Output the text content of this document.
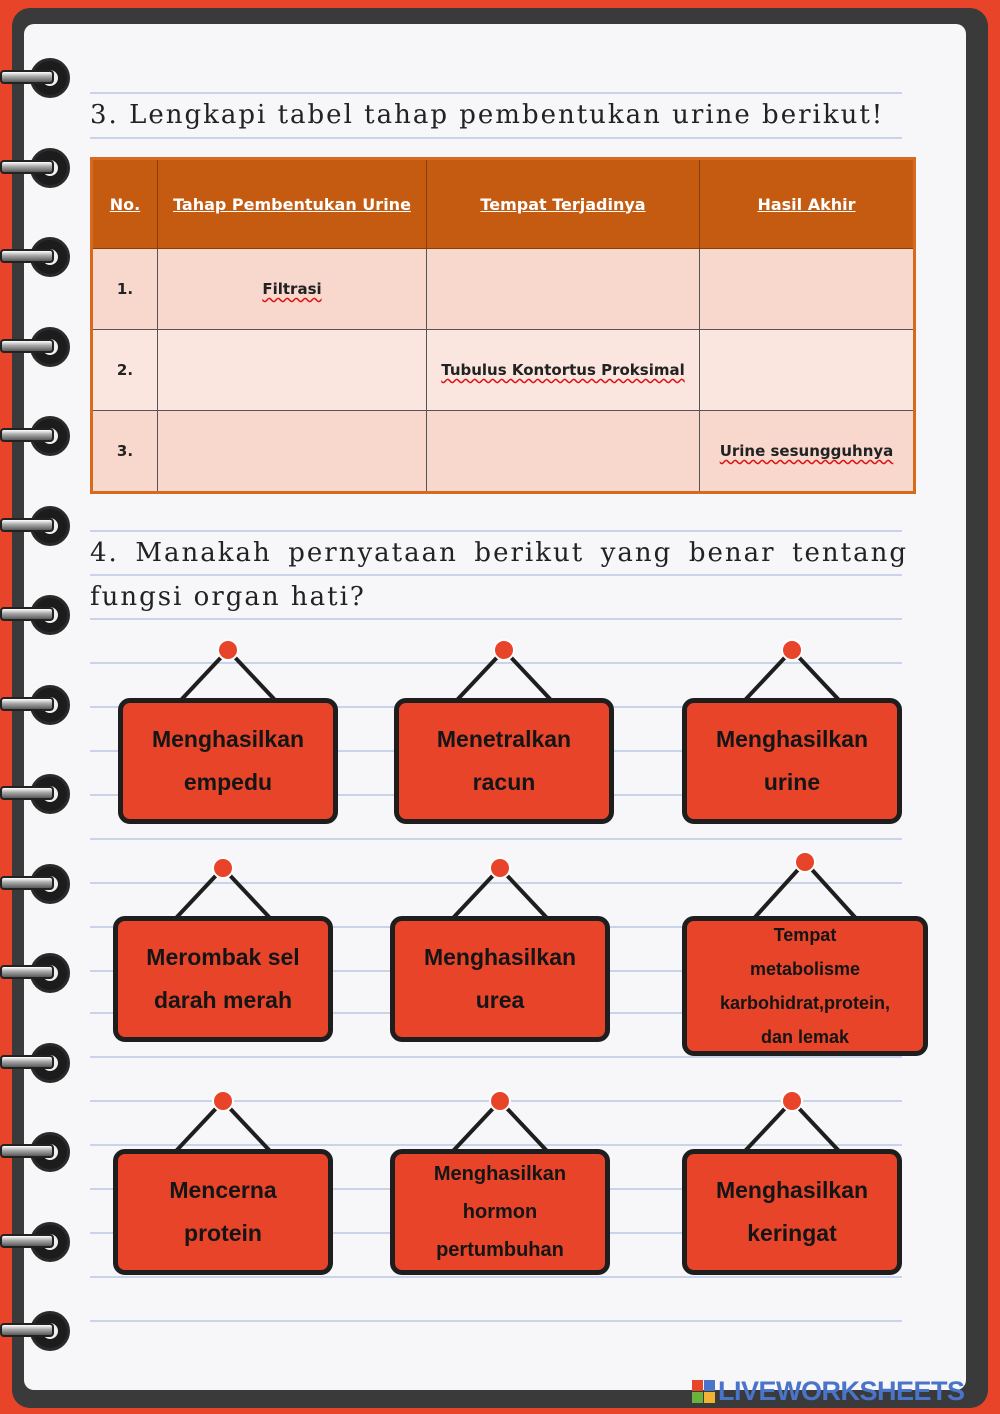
3. Lengkapi tabel tahap pembentukan urine berikut!
No.	Tahap Pembentukan Urine	Tempat Terjadinya	Hasil Akhir
1.	Filtrasi		
2.		Tubulus Kontortus Proksimal	
3.			Urine sesungguhnya
4. Manakah pernyataan berikut yang benar tentang fungsi organ hati?
Menghasilkan
empedu
Menetralkan
racun
Menghasilkan
urine
Merombak sel
darah merah
Menghasilkan
urea
Tempat
metabolisme
karbohidrat,protein,
dan lemak
Mencerna
protein
Menghasilkan
hormon
pertumbuhan
Menghasilkan
keringat
LIVEWORKSHEETS
